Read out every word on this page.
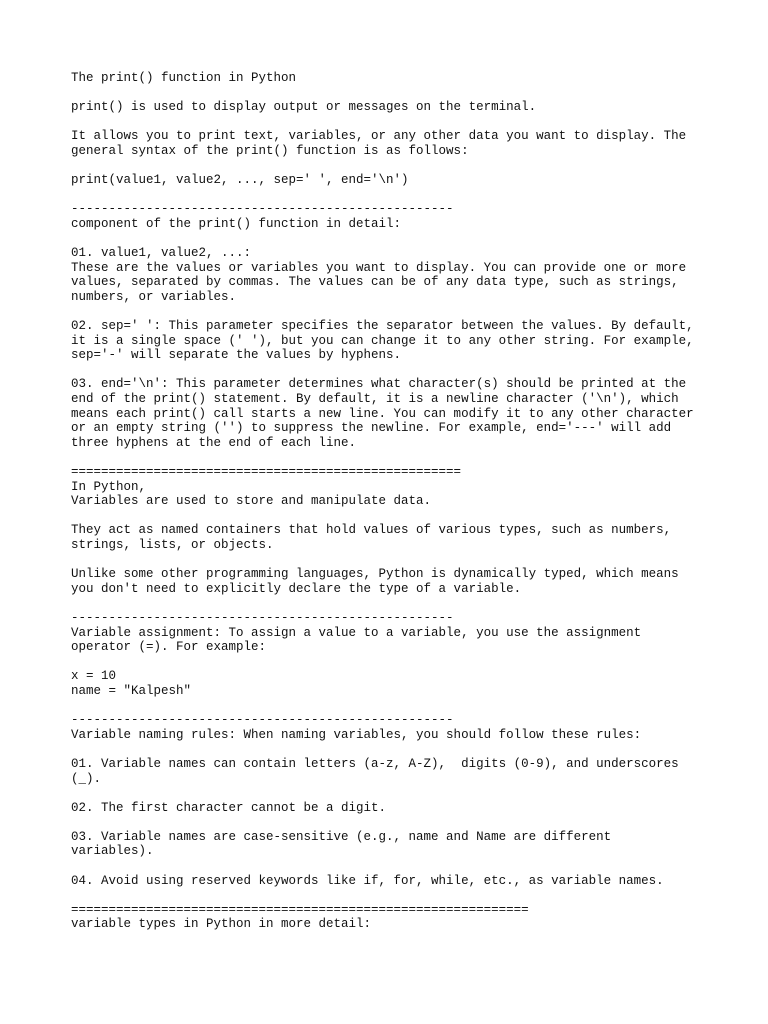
The print() function in Python
print() is used to display output or messages on the terminal.
It allows you to print text, variables, or any other data you want to display. The
general syntax of the print() function is as follows:
print(value1, value2, ..., sep=' ', end='\n')
---------------------------------------------------
component of the print() function in detail:
01. value1, value2, ...:
These are the values or variables you want to display. You can provide one or more
values, separated by commas. The values can be of any data type, such as strings,
numbers, or variables.
02. sep=' ': This parameter specifies the separator between the values. By default,
it is a single space (' '), but you can change it to any other string. For example,
sep='-' will separate the values by hyphens.
03. end='\n': This parameter determines what character(s) should be printed at the
end of the print() statement. By default, it is a newline character ('\n'), which
means each print() call starts a new line. You can modify it to any other character
or an empty string ('') to suppress the newline. For example, end='---' will add
three hyphens at the end of each line.
====================================================
In Python,
Variables are used to store and manipulate data.
They act as named containers that hold values of various types, such as numbers,
strings, lists, or objects.
Unlike some other programming languages, Python is dynamically typed, which means
you don't need to explicitly declare the type of a variable.
---------------------------------------------------
Variable assignment: To assign a value to a variable, you use the assignment
operator (=). For example:
x = 10
name = "Kalpesh"
---------------------------------------------------
Variable naming rules: When naming variables, you should follow these rules:
01. Variable names can contain letters (a-z, A-Z),  digits (0-9), and underscores
(_).
02. The first character cannot be a digit.
03. Variable names are case-sensitive (e.g., name and Name are different
variables).
04. Avoid using reserved keywords like if, for, while, etc., as variable names.
=============================================================
variable types in Python in more detail:
